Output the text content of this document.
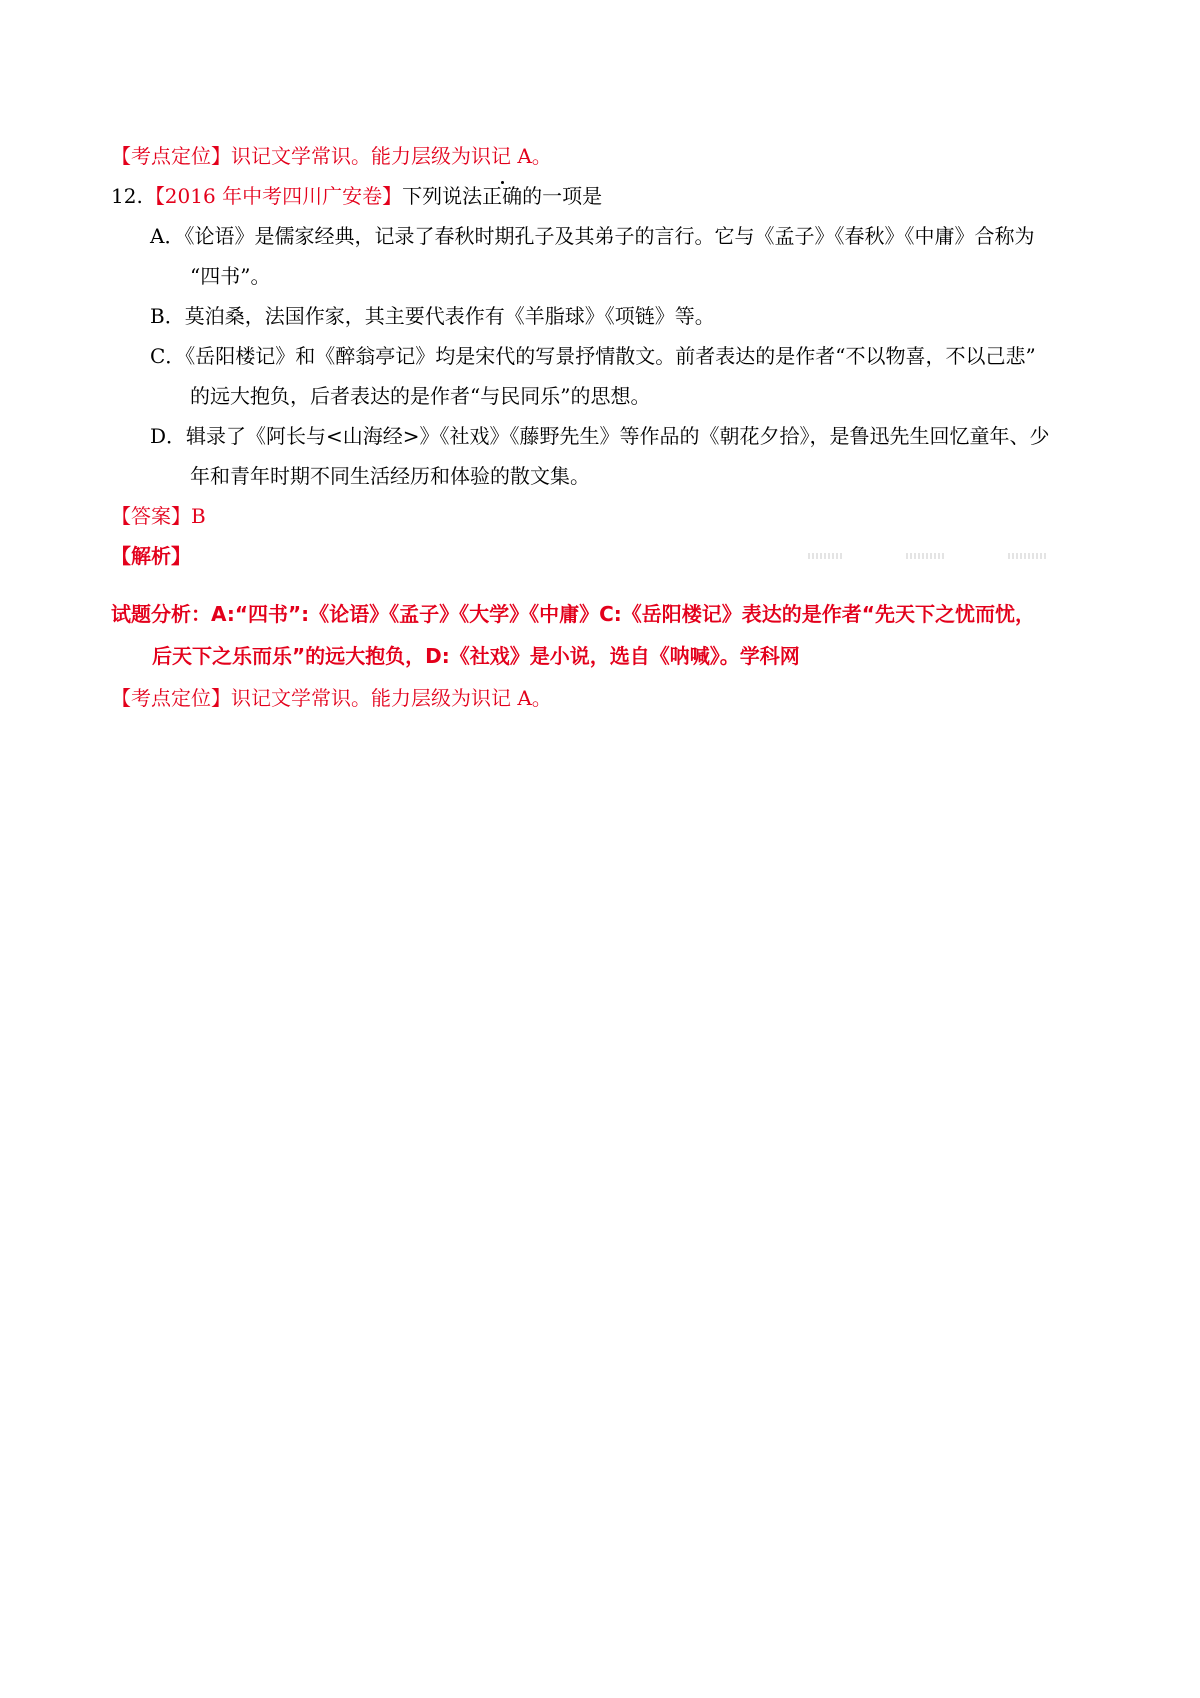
【考点定位】识记文学常识。能力层级为识记 A。
12. 【2016 年中考四川广安卷】下列说法正确的一项是
A．《论语》是儒家经典，记录了春秋时期孔子及其弟子的言行。它与《孟子》《春秋》《中庸》合称为
“四书”。
B．莫泊桑，法国作家，其主要代表作有《羊脂球》《项链》等。
C．《岳阳楼记》和《醉翁亭记》均是宋代的写景抒情散文。前者表达的是作者“不以物喜，不以己悲”
的远大抱负，后者表达的是作者“与民同乐”的思想。
D．辑录了《阿长与<山海经>》《社戏》《藤野先生》等作品的《朝花夕拾》，是鲁迅先生回忆童年、少
年和青年时期不同生活经历和体验的散文集。
【答案】B
【解析】
试题分析：A:“四书”:《论语》《孟子》《大学》《中庸》C:《岳阳楼记》表达的是作者“先天下之忧而忧，
后天下之乐而乐”的远大抱负，D:《社戏》是小说，选自《呐喊》。学科网
【考点定位】识记文学常识。能力层级为识记 A。
